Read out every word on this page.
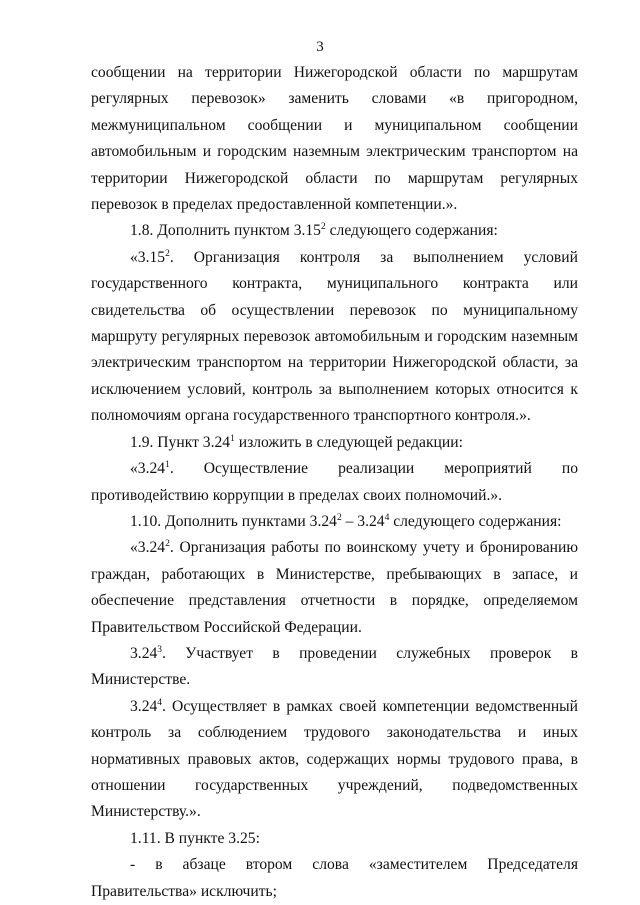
3

сообщении на территории Нижегородской области по маршрутам регулярных перевозок» заменить словами «в пригородном, межмуниципальном сообщении и муниципальном сообщении автомобильным и городским наземным электрическим транспортом на территории Нижегородской области по маршрутам регулярных перевозок в пределах предоставленной компетенции.».

1.8. Дополнить пунктом 3.15$^2$ следующего содержания:

«3.15$^2$. Организация контроля за выполнением условий государственного контракта, муниципального контракта или свидетельства об осуществлении перевозок по муниципальному маршруту регулярных перевозок автомобильным и городским наземным электрическим транспортом на территории Нижегородской области, за исключением условий, контроль за выполнением которых относится к полномочиям органа государственного транспортного контроля.».

1.9. Пункт 3.24$^1$ изложить в следующей редакции:

«3.24$^1$. Осуществление реализации мероприятий по противодействию коррупции в пределах своих полномочий.».

1.10. Дополнить пунктами 3.24$^2$ – 3.24$^4$ следующего содержания:

«3.24$^2$. Организация работы по воинскому учету и бронированию граждан, работающих в Министерстве, пребывающих в запасе, и обеспечение представления отчетности в порядке, определяемом Правительством Российской Федерации.

3.24$^3$. Участвует в проведении служебных проверок в Министерстве.

3.24$^4$. Осуществляет в рамках своей компетенции ведомственный контроль за соблюдением трудового законодательства и иных нормативных правовых актов, содержащих нормы трудового права, в отношении государственных учреждений, подведомственных Министерству.».

1.11. В пункте 3.25:

- в абзаце втором слова «заместителем Председателя Правительства» исключить;
